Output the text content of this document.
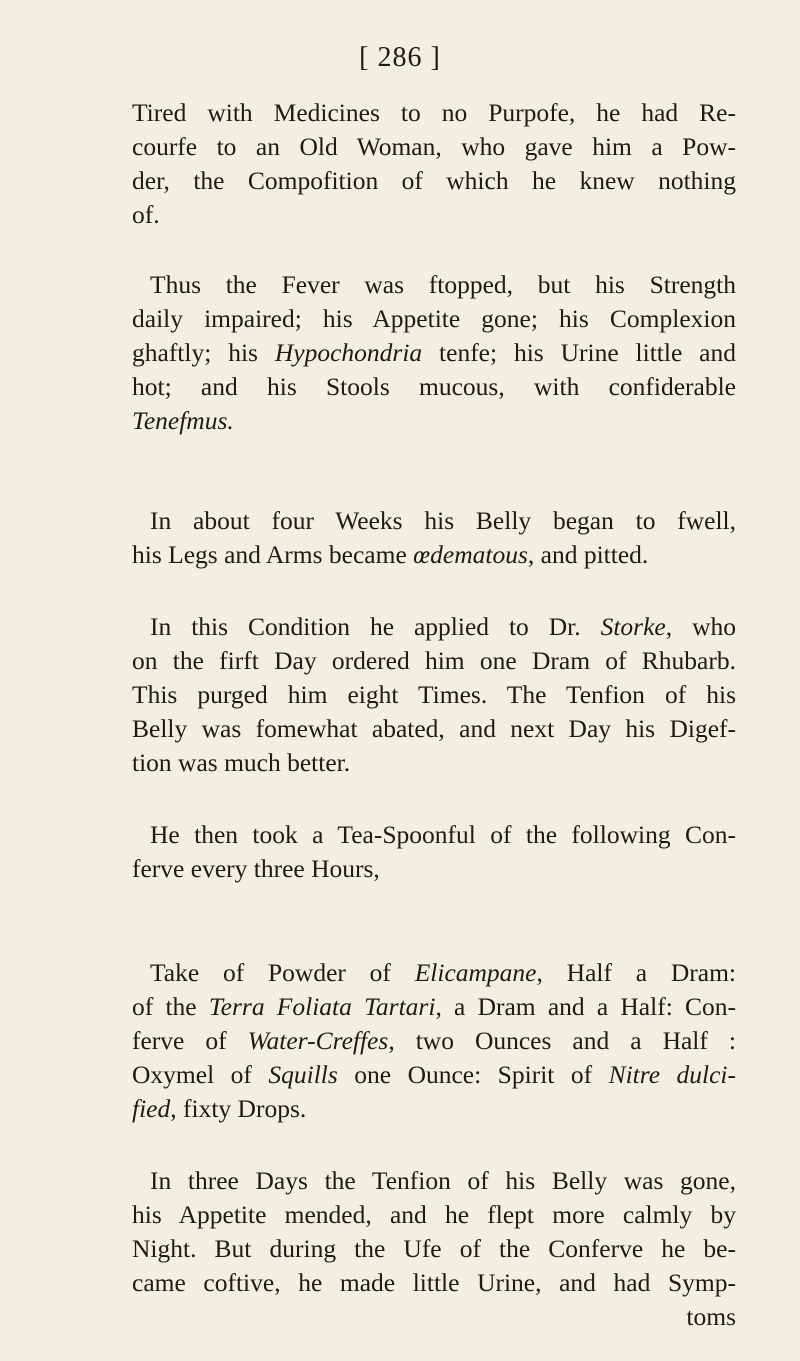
[ 286 ]
Tired with Medicines to no Purpofe, he had Re-
courfe to an Old Woman, who gave him a Pow-
der, the Compofition of which he knew nothing
of.
Thus the Fever was ftopped, but his Strength
daily impaired; his Appetite gone; his Complexion
ghaftly; his Hypochondria tenfe; his Urine little and
hot; and his Stools mucous, with confiderable
Tenefmus.
In about four Weeks his Belly began to fwell,
his Legs and Arms became œdematous, and pitted.
In this Condition he applied to Dr. Storke, who
on the firft Day ordered him one Dram of Rhubarb.
This purged him eight Times. The Tenfion of his
Belly was fomewhat abated, and next Day his Digef-
tion was much better.
He then took a Tea-Spoonful of the following Con-
ferve every three Hours,
Take of Powder of Elicampane, Half a Dram:
of the Terra Foliata Tartari, a Dram and a Half: Con-
ferve of Water-Creffes, two Ounces and a Half :
Oxymel of Squills one Ounce: Spirit of Nitre dulci-
fied, fixty Drops.
In three Days the Tenfion of his Belly was gone,
his Appetite mended, and he flept more calmly by
Night. But during the Ufe of the Conferve he be-
came coftive, he made little Urine, and had Symp-
toms
